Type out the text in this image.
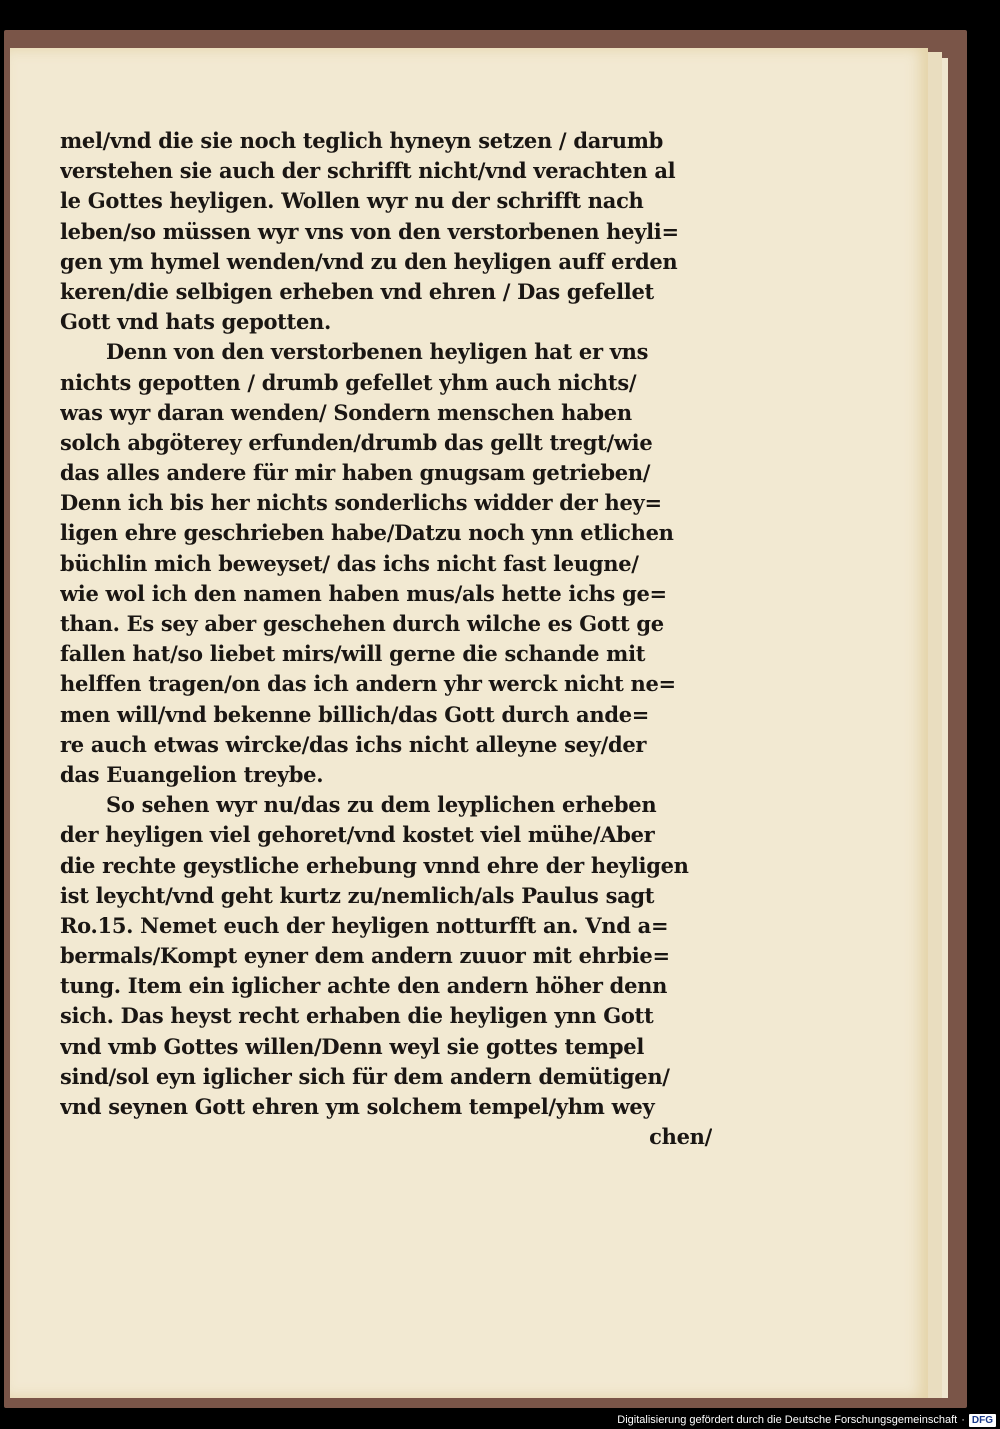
mel/vnd die sie noch teglich hyneyn setzen / darumb
verstehen sie auch der schrifft nicht/vnd verachten al
le Gottes heyligen. Wollen wyr nu der schrifft nach
leben/so müssen wyr vns von den verstorbenen heyli=
gen ym hymel wenden/vnd zu den heyligen auff erden
keren/die selbigen erheben vnd ehren / Das gefellet
Gott vnd hats gepotten.
Denn von den verstorbenen heyligen hat er vns
nichts gepotten / drumb gefellet yhm auch nichts/
was wyr daran wenden/ Sondern menschen haben
solch abgöterey erfunden/drumb das gellt tregt/wie
das alles andere für mir haben gnugsam getrieben/
Denn ich bis her nichts sonderlichs widder der hey=
ligen ehre geschrieben habe/Datzu noch ynn etlichen
büchlin mich beweyset/ das ichs nicht fast leugne/
wie wol ich den namen haben mus/als hette ichs ge=
than. Es sey aber geschehen durch wilche es Gott ge
fallen hat/so liebet mirs/will gerne die schande mit
helffen tragen/on das ich andern yhr werck nicht ne=
men will/vnd bekenne billich/das Gott durch ande=
re auch etwas wircke/das ichs nicht alleyne sey/der
das Euangelion treybe.
So sehen wyr nu/das zu dem leyplichen erheben
der heyligen viel gehoret/vnd kostet viel mühe/Aber
die rechte geystliche erhebung vnnd ehre der heyligen
ist leycht/vnd geht kurtz zu/nemlich/als Paulus sagt
Ro.15. Nemet euch der heyligen notturfft an. Vnd a=
bermals/Kompt eyner dem andern zuuor mit ehrbie=
tung. Item ein iglicher achte den andern höher denn
sich. Das heyst recht erhaben die heyligen ynn Gott
vnd vmb Gottes willen/Denn weyl sie gottes tempel
sind/sol eyn iglicher sich für dem andern demütigen/
vnd seynen Gott ehren ym solchem tempel/yhm wey
chen/
Digitalisierung gefördert durch die Deutsche Forschungsgemeinschaft · DFG
